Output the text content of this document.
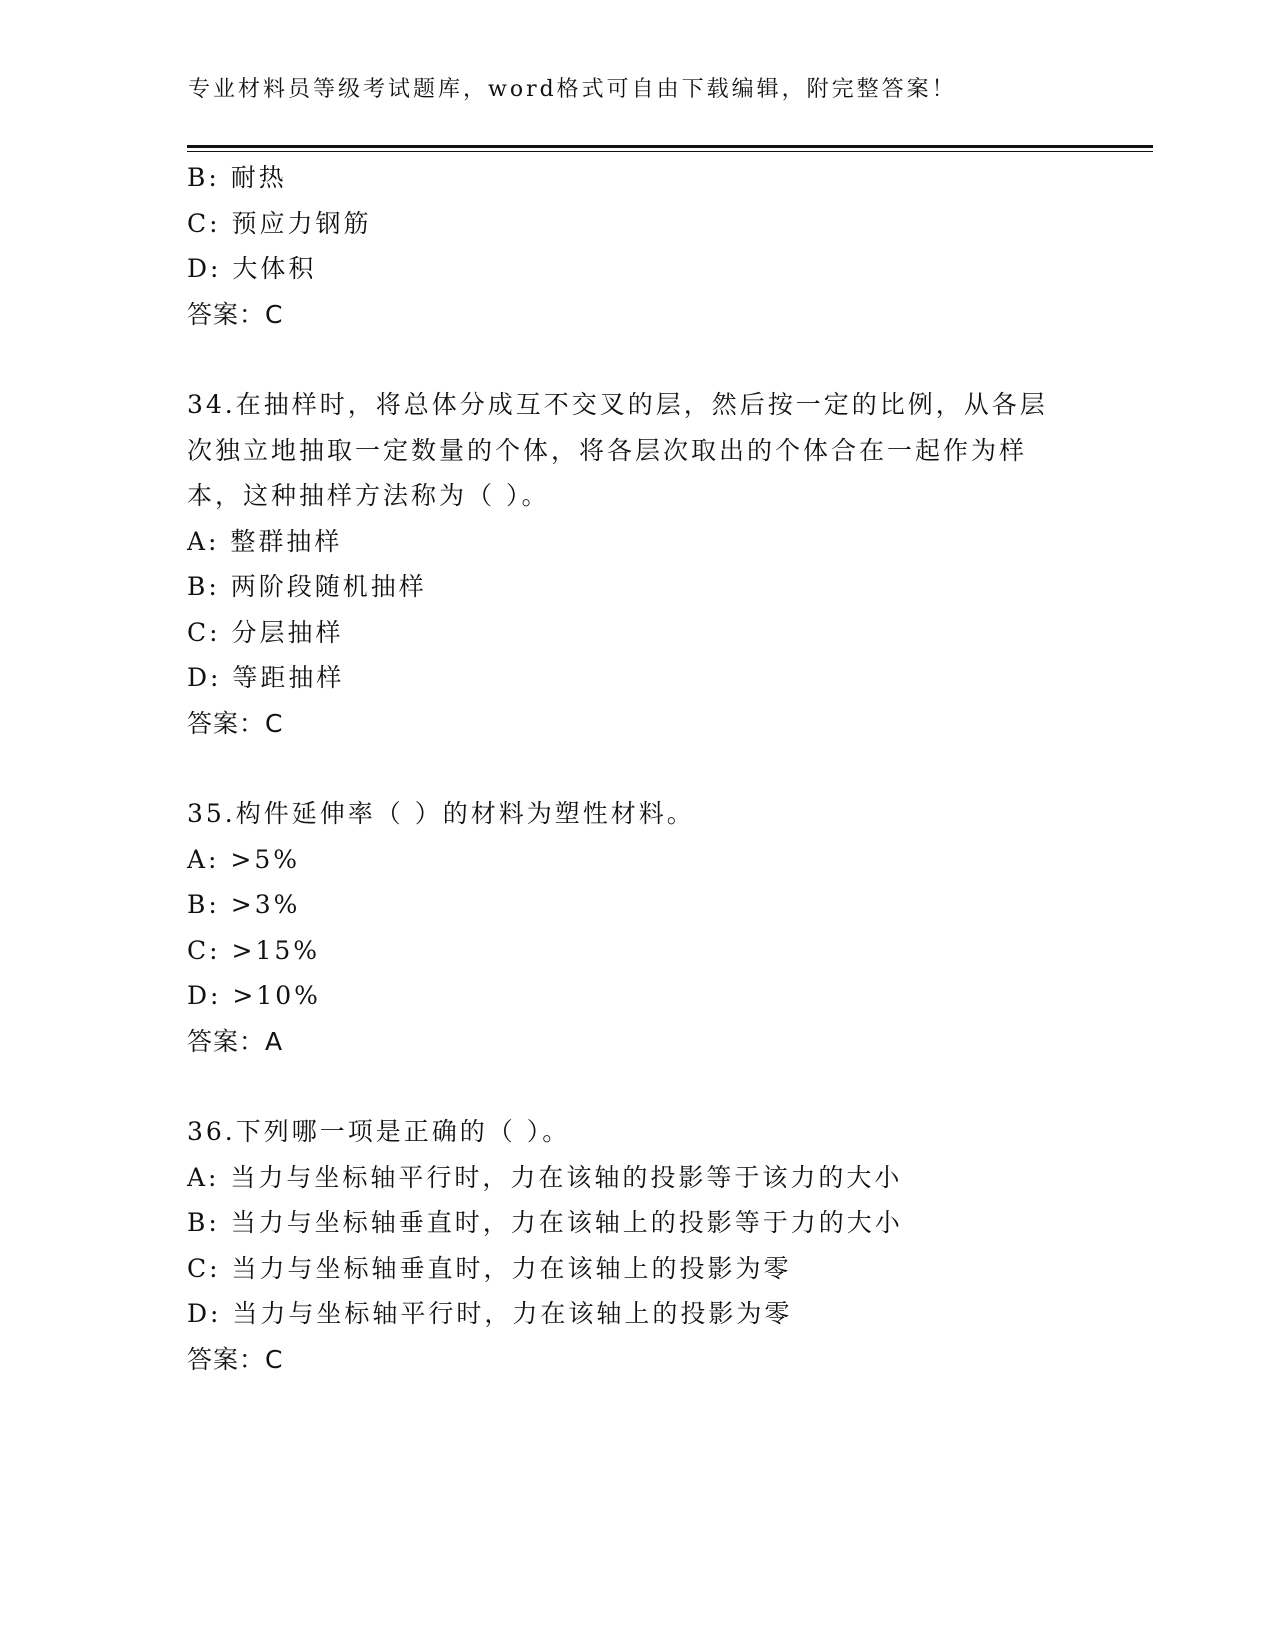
专业材料员等级考试题库，word格式可自由下载编辑，附完整答案！
B: 耐热
C: 预应力钢筋
D: 大体积
答案：C
34.在抽样时，将总体分成互不交叉的层，然后按一定的比例，从各层
次独立地抽取一定数量的个体，将各层次取出的个体合在一起作为样
本，这种抽样方法称为（ ）。
A: 整群抽样
B: 两阶段随机抽样
C: 分层抽样
D: 等距抽样
答案：C
35.构件延伸率（ ）的材料为塑性材料。
A: >5%
B: >3%
C: >15%
D: >10%
答案：A
36.下列哪一项是正确的（ ）。
A: 当力与坐标轴平行时，力在该轴的投影等于该力的大小
B: 当力与坐标轴垂直时，力在该轴上的投影等于力的大小
C: 当力与坐标轴垂直时，力在该轴上的投影为零
D: 当力与坐标轴平行时，力在该轴上的投影为零
答案：C
